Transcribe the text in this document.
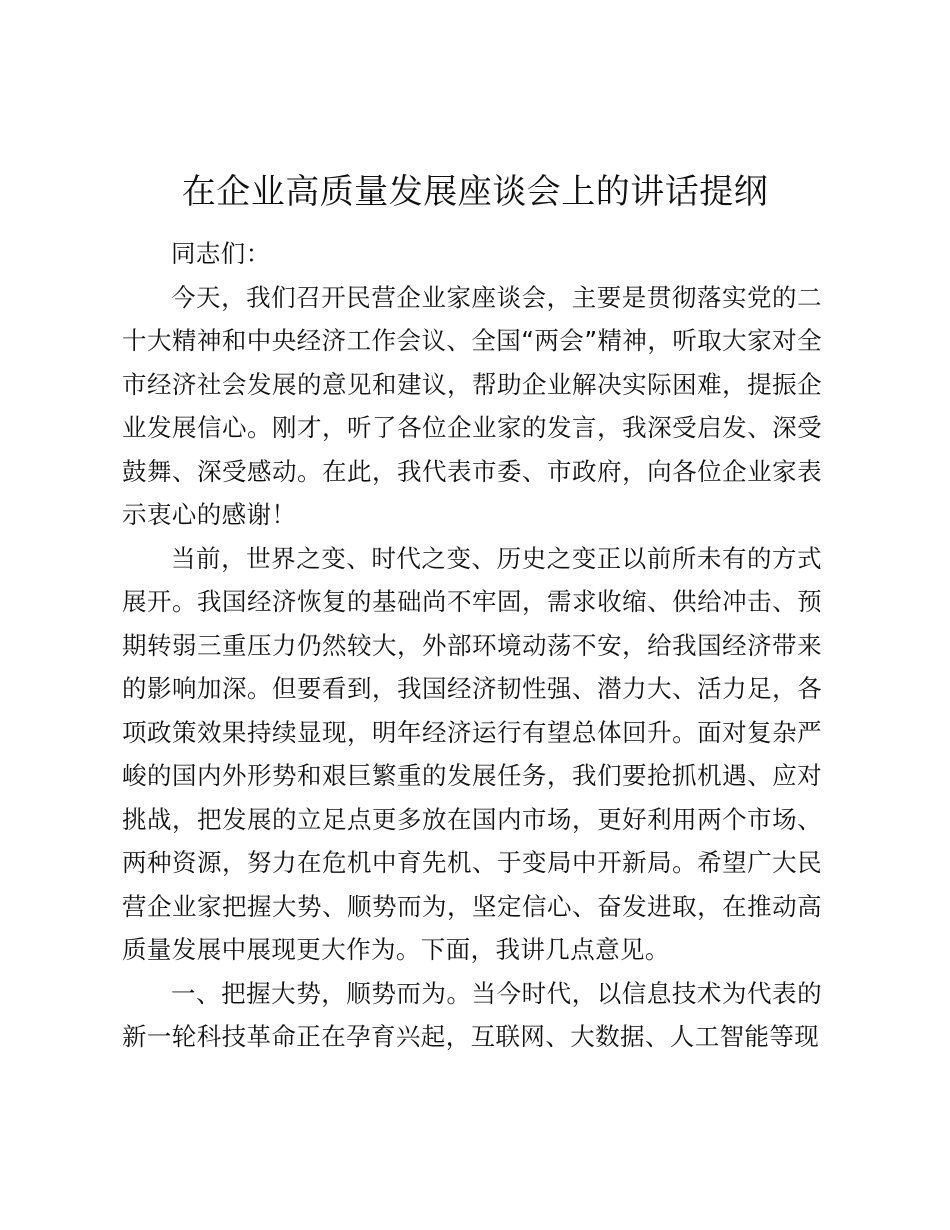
在企业高质量发展座谈会上的讲话提纲

同志们：

今天，我们召开民营企业家座谈会，主要是贯彻落实党的二十大精神和中央经济工作会议、全国“两会”精神，听取大家对全市经济社会发展的意见和建议，帮助企业解决实际困难，提振企业发展信心。刚才，听了各位企业家的发言，我深受启发、深受鼓舞、深受感动。在此，我代表市委、市政府，向各位企业家表示衷心的感谢！

当前，世界之变、时代之变、历史之变正以前所未有的方式展开。我国经济恢复的基础尚不牢固，需求收缩、供给冲击、预期转弱三重压力仍然较大，外部环境动荡不安，给我国经济带来的影响加深。但要看到，我国经济韧性强、潜力大、活力足，各项政策效果持续显现，明年经济运行有望总体回升。面对复杂严峻的国内外形势和艰巨繁重的发展任务，我们要抢抓机遇、应对挑战，把发展的立足点更多放在国内市场，更好利用两个市场、两种资源，努力在危机中育先机、于变局中开新局。希望广大民营企业家把握大势、顺势而为，坚定信心、奋发进取，在推动高质量发展中展现更大作为。下面，我讲几点意见。

一、把握大势，顺势而为。当今时代，以信息技术为代表的新一轮科技革命正在孕育兴起，互联网、大数据、人工智能等现
